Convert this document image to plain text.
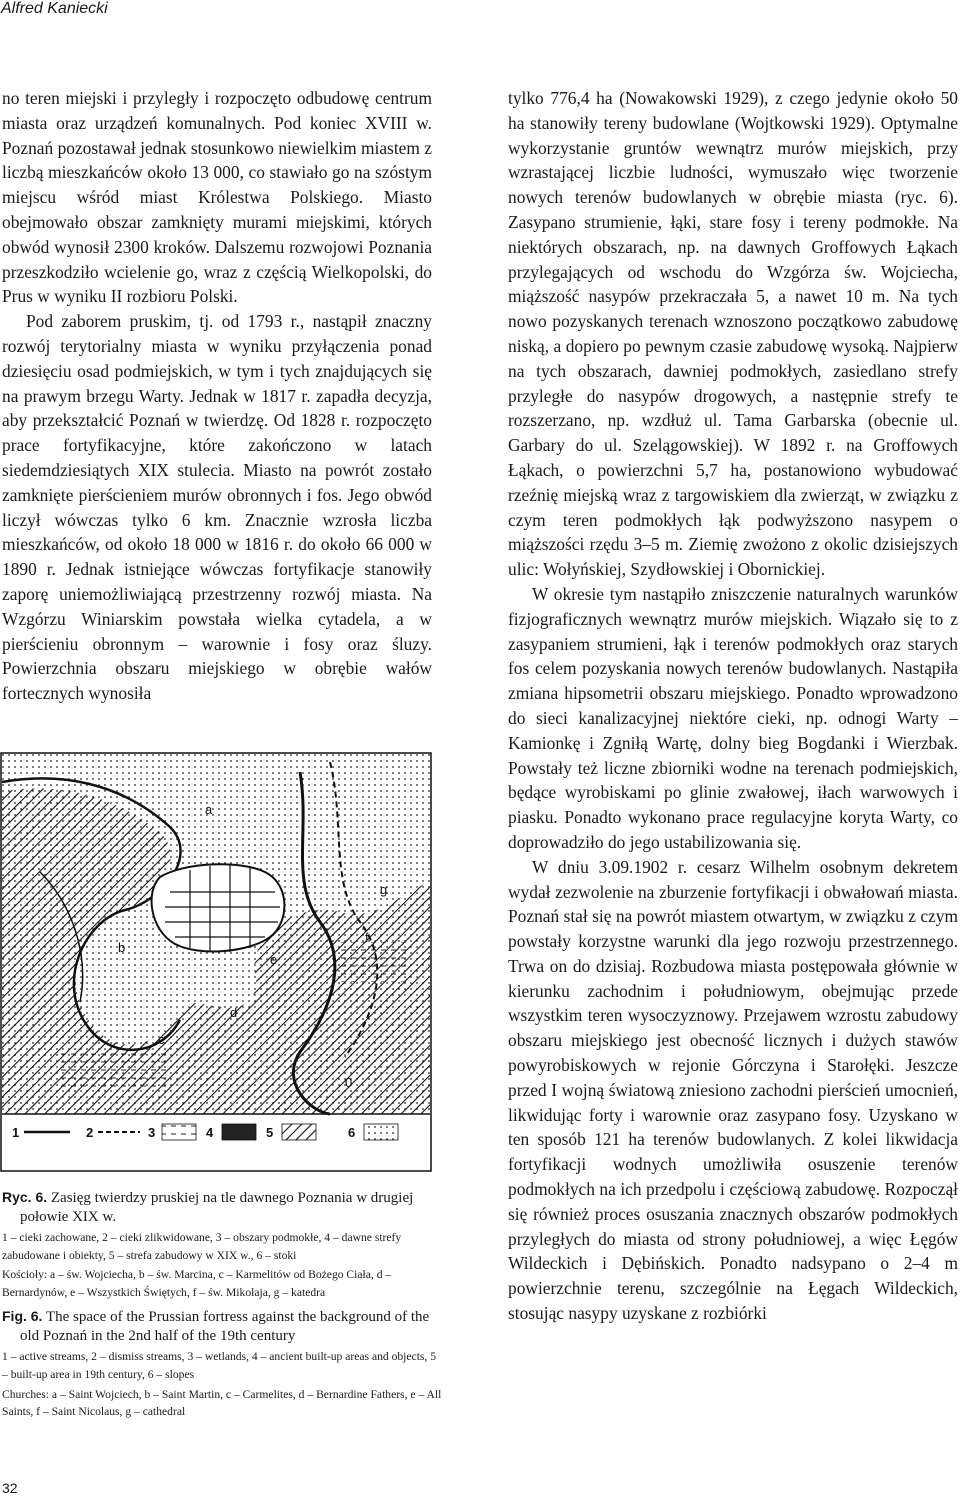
Alfred Kaniecki

no teren miejski i przyległy i rozpoczęto odbudowę centrum miasta oraz urządzeń komunalnych. Pod koniec XVIII w. Poznań pozostawał jednak stosunkowo niewielkim miastem z liczbą mieszkańców około 13 000, co stawiało go na szóstym miejscu wśród miast Królestwa Polskiego. Miasto obejmowało obszar zamknięty murami miejskimi, których obwód wynosił 2300 kroków. Dalszemu rozwojowi Poznania przeszkodziło wcielenie go, wraz z częścią Wielkopolski, do Prus w wyniku II rozbioru Polski.

Pod zaborem pruskim, tj. od 1793 r., nastąpił znaczny rozwój terytorialny miasta w wyniku przyłączenia ponad dziesięciu osad podmiejskich, w tym i tych znajdujących się na prawym brzegu Warty. Jednak w 1817 r. zapadła decyzja, aby przekształcić Poznań w twierdzę. Od 1828 r. rozpoczęto prace fortyfikacyjne, które zakończono w latach siedemdziesiątych XIX stulecia. Miasto na powrót zostało zamknięte pierścieniem murów obronnych i fos. Jego obwód liczył wówczas tylko 6 km. Znacznie wzrosła liczba mieszkańców, od około 18 000 w 1816 r. do około 66 000 w 1890 r. Jednak istniejące wówczas fortyfikacje stanowiły zaporę uniemożliwiającą przestrzenny rozwój miasta. Na Wzgórzu Winiarskim powstała wielka cytadela, a w pierścieniu obronnym – warownie i fosy oraz śluzy. Powierzchnia obszaru miejskiego w obrębie wałów fortecznych wynosiła

a
b
c
d
e
f
g
0
1	2	3	4	5	6

Ryc. 6. Zasięg twierdzy pruskiej na tle dawnego Poznania w drugiej połowie XIX w.

1 – cieki zachowane, 2 – cieki zlikwidowane, 3 – obszary podmokłe, 4 – dawne strefy zabudowane i obiekty, 5 – strefa zabudowy w XIX w., 6 – stoki

Kościoły: a – św. Wojciecha, b – św. Marcina, c – Karmelitów od Bożego Ciała, d – Bernardynów, e – Wszystkich Świętych, f – św. Mikołaja, g – katedra

Fig. 6. The space of the Prussian fortress against the background of the old Poznań in the 2nd half of the 19th century

1 – active streams, 2 – dismiss streams, 3 – wetlands, 4 – ancient built-up areas and objects, 5 – built-up area in 19th century, 6 – slopes

Churches: a – Saint Wojciech, b – Saint Martin, c – Carmelites, d – Bernardine Fathers, e – All Saints, f – Saint Nicolaus, g – cathedral

tylko 776,4 ha (Nowakowski 1929), z czego jedynie około 50 ha stanowiły tereny budowlane (Wojtkowski 1929). Optymalne wykorzystanie gruntów wewnątrz murów miejskich, przy wzrastającej liczbie ludności, wymuszało więc tworzenie nowych terenów budowlanych w obrębie miasta (ryc. 6). Zasypano strumienie, łąki, stare fosy i tereny podmokłe. Na niektórych obszarach, np. na dawnych Groffowych Łąkach przylegających od wschodu do Wzgórza św. Wojciecha, miąższość nasypów przekraczała 5, a nawet 10 m. Na tych nowo pozyskanych terenach wznoszono początkowo zabudowę niską, a dopiero po pewnym czasie zabudowę wysoką. Najpierw na tych obszarach, dawniej podmokłych, zasiedlano strefy przyległe do nasypów drogowych, a następnie strefy te rozszerzano, np. wzdłuż ul. Tama Garbarska (obecnie ul. Garbary do ul. Szelągowskiej). W 1892 r. na Groffowych Łąkach, o powierzchni 5,7 ha, postanowiono wybudować rzeźnię miejską wraz z targowiskiem dla zwierząt, w związku z czym teren podmokłych łąk podwyższono nasypem o miąższości rzędu 3–5 m. Ziemię zwożono z okolic dzisiejszych ulic: Wołyńskiej, Szydłowskiej i Obornickiej.

W okresie tym nastąpiło zniszczenie naturalnych warunków fizjograficznych wewnątrz murów miejskich. Wiązało się to z zasypaniem strumieni, łąk i terenów podmokłych oraz starych fos celem pozyskania nowych terenów budowlanych. Nastąpiła zmiana hipsometrii obszaru miejskiego. Ponadto wprowadzono do sieci kanalizacyjnej niektóre cieki, np. odnogi Warty – Kamionkę i Zgniłą Wartę, dolny bieg Bogdanki i Wierzbak. Powstały też liczne zbiorniki wodne na terenach podmiejskich, będące wyrobiskami po glinie zwałowej, iłach warwowych i piasku. Ponadto wykonano prace regulacyjne koryta Warty, co doprowadziło do jego ustabilizowania się.

W dniu 3.09.1902 r. cesarz Wilhelm osobnym dekretem wydał zezwolenie na zburzenie fortyfikacji i obwałowań miasta. Poznań stał się na powrót miastem otwartym, w związku z czym powstały korzystne warunki dla jego rozwoju przestrzennego. Trwa on do dzisiaj. Rozbudowa miasta postępowała głównie w kierunku zachodnim i południowym, obejmując przede wszystkim teren wysoczyznowy. Przejawem wzrostu zabudowy obszaru miejskiego jest obecność licznych i dużych stawów powyrobiskowych w rejonie Górczyna i Starołęki. Jeszcze przed I wojną światową zniesiono zachodni pierścień umocnień, likwidując forty i warownie oraz zasypano fosy. Uzyskano w ten sposób 121 ha terenów budowlanych. Z kolei likwidacja fortyfikacji wodnych umożliwiła osuszenie terenów podmokłych na ich przedpolu i częściową zabudowę. Rozpoczął się również proces osuszania znacznych obszarów podmokłych przyległych do miasta od strony południowej, a więc Łęgów Wildeckich i Dębińskich. Ponadto nadsypano o 2–4 m powierzchnie terenu, szczególnie na Łęgach Wildeckich, stosując nasypy uzyskane z rozbiórki

32
